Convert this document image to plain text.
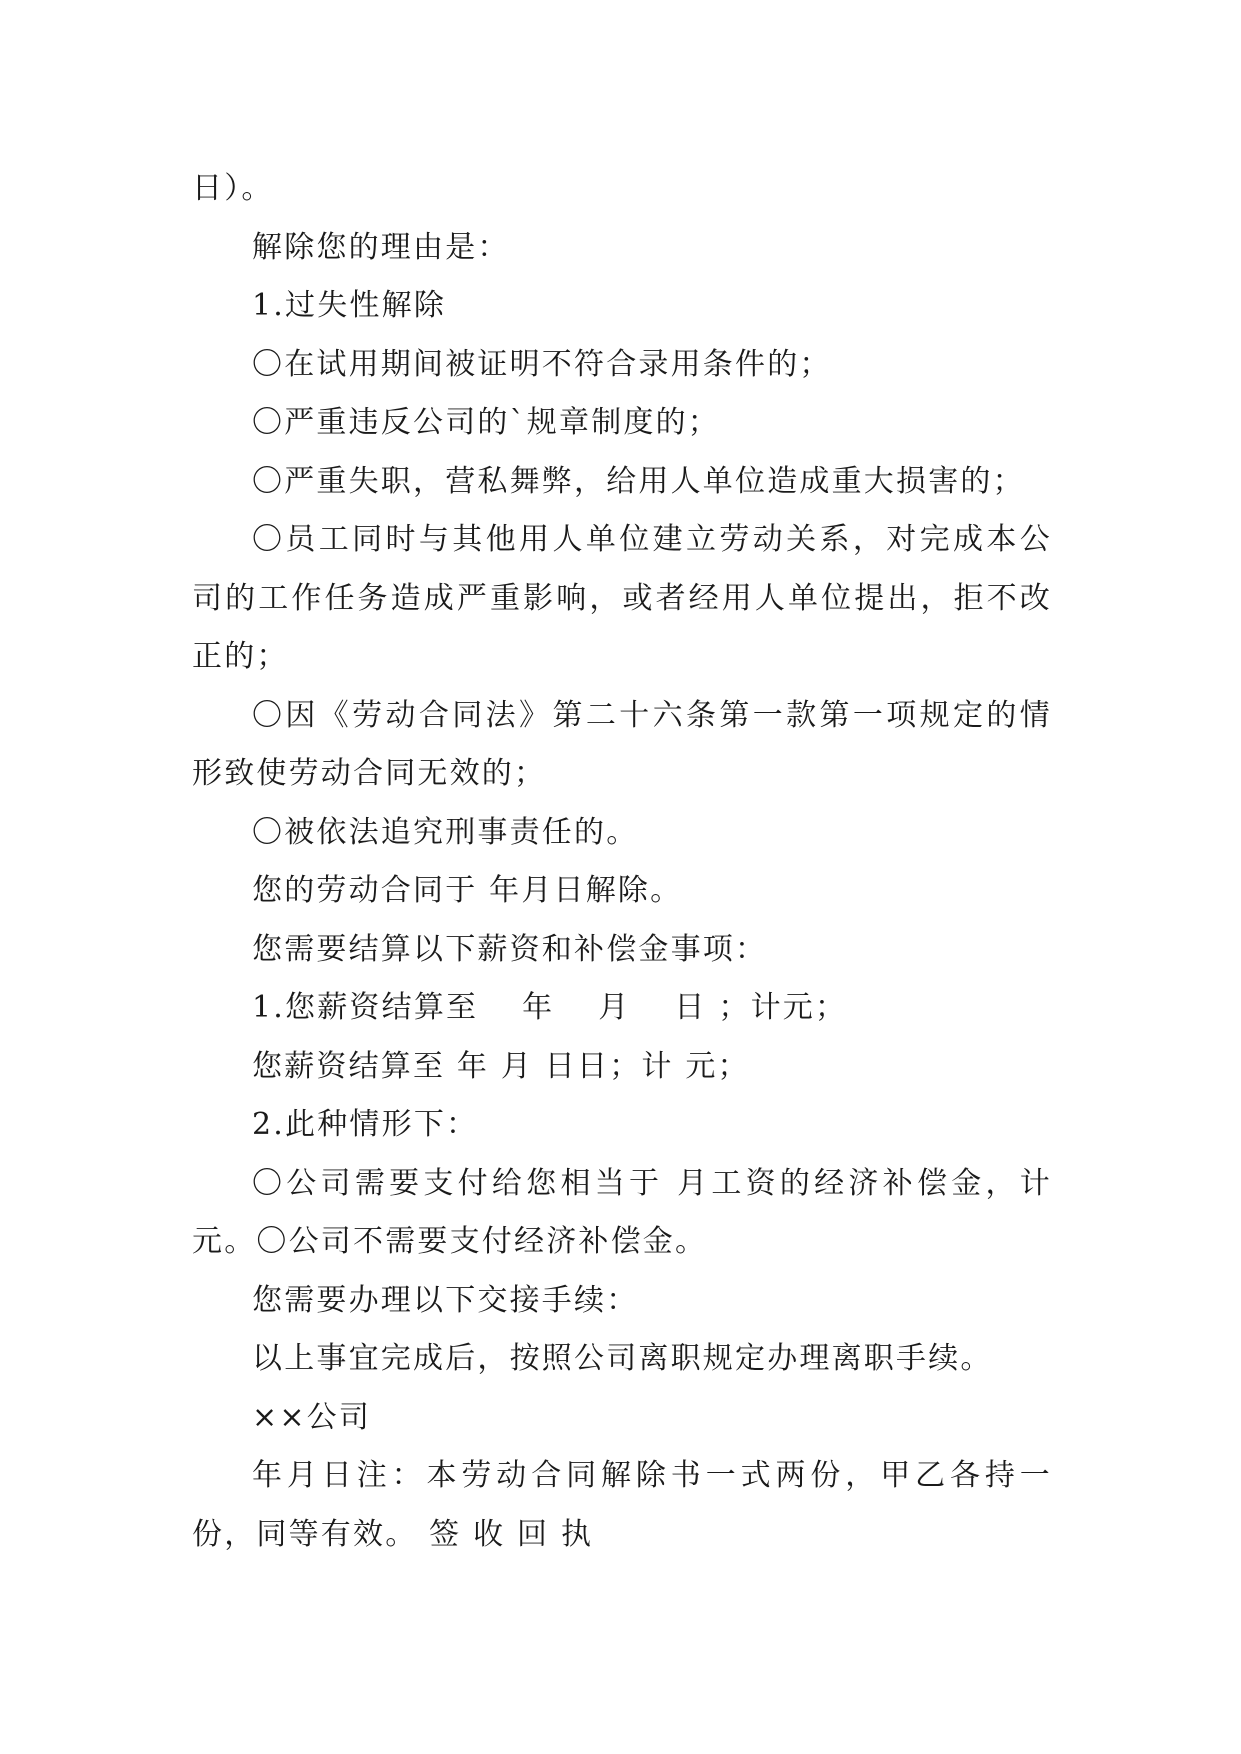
日）。

解除您的理由是：

1.过失性解除

〇在试用期间被证明不符合录用条件的；

〇严重违反公司的`规章制度的；

〇严重失职，营私舞弊，给用人单位造成重大损害的；

〇员工同时与其他用人单位建立劳动关系，对完成本公司的工作任务造成严重影响，或者经用人单位提出，拒不改正的；

〇因《劳动合同法》第二十六条第一款第一项规定的情形致使劳动合同无效的；

〇被依法追究刑事责任的。

您的劳动合同于 年月日解除。

您需要结算以下薪资和补偿金事项：

1.您薪资结算至　 年　 月　 日 ；计元；

您薪资结算至 年 月 日日；计 元；

2.此种情形下：

〇公司需要支付给您相当于 月工资的经济补偿金，计元。〇公司不需要支付经济补偿金。

您需要办理以下交接手续：

以上事宜完成后，按照公司离职规定办理离职手续。

××公司

年月日注：本劳动合同解除书一式两份，甲乙各持一份，同等有效。 签 收 回 执
